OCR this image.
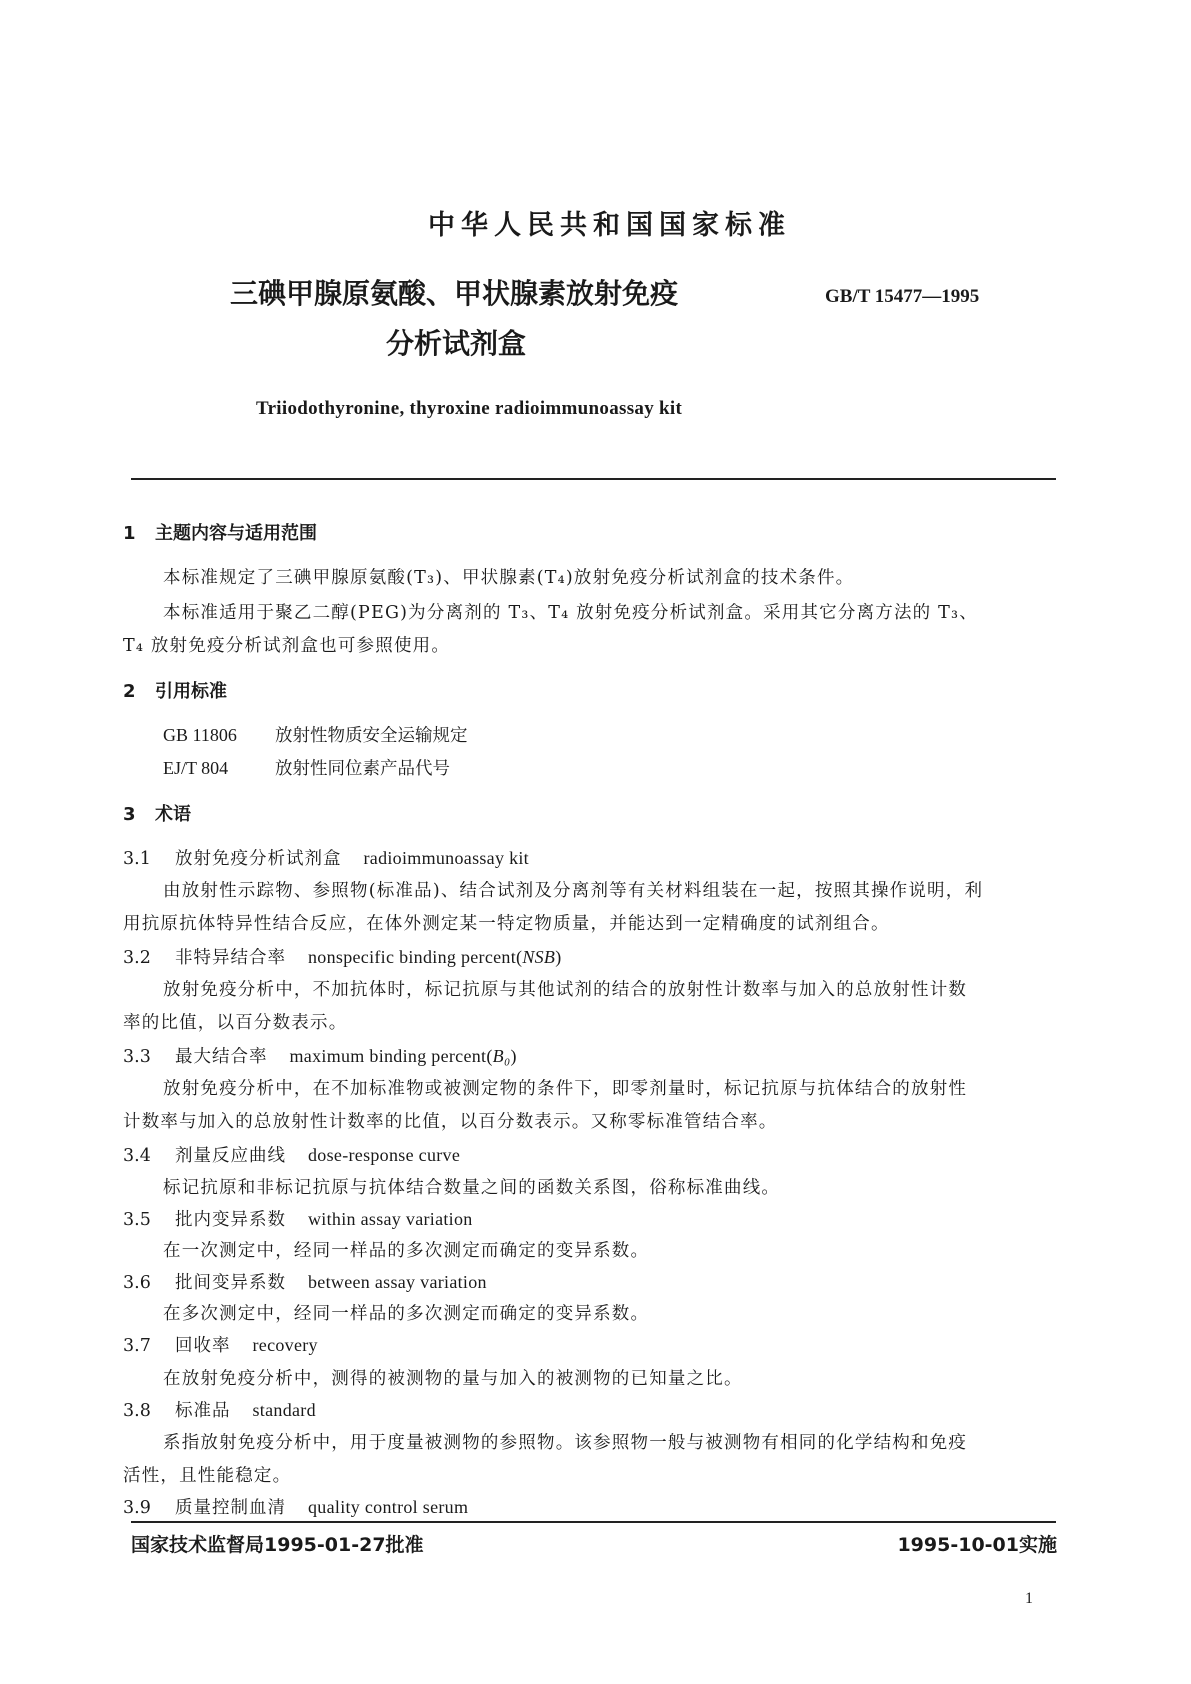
中华人民共和国国家标准
三碘甲腺原氨酸、甲状腺素放射免疫
分析试剂盒
GB/T 15477—1995
Triiodothyronine, thyroxine radioimmunoassay kit
1 主题内容与适用范围
本标准规定了三碘甲腺原氨酸(T₃)、甲状腺素(T₄)放射免疫分析试剂盒的技术条件。
本标准适用于聚乙二醇(PEG)为分离剂的 T₃、T₄ 放射免疫分析试剂盒。采用其它分离方法的 T₃、
T₄ 放射免疫分析试剂盒也可参照使用。
2 引用标准
GB 11806 放射性物质安全运输规定
EJ/T 804	放射性同位素产品代号
3 术语
3.1 放射免疫分析试剂盒 radioimmunoassay kit
由放射性示踪物、参照物(标准品)、结合试剂及分离剂等有关材料组装在一起，按照其操作说明，利
用抗原抗体特异性结合反应，在体外测定某一特定物质量，并能达到一定精确度的试剂组合。
3.2 非特异结合率 nonspecific binding percent(NSB)
放射免疫分析中，不加抗体时，标记抗原与其他试剂的结合的放射性计数率与加入的总放射性计数
率的比值，以百分数表示。
3.3 最大结合率 maximum binding percent(B₀)
放射免疫分析中，在不加标准物或被测定物的条件下，即零剂量时，标记抗原与抗体结合的放射性
计数率与加入的总放射性计数率的比值，以百分数表示。又称零标准管结合率。
3.4 剂量反应曲线 dose-response curve
标记抗原和非标记抗原与抗体结合数量之间的函数关系图，俗称标准曲线。
3.5 批内变异系数 within assay variation
在一次测定中，经同一样品的多次测定而确定的变异系数。
3.6 批间变异系数 between assay variation
在多次测定中，经同一样品的多次测定而确定的变异系数。
3.7 回收率 recovery
在放射免疫分析中，测得的被测物的量与加入的被测物的已知量之比。
3.8 标准品 standard
系指放射免疫分析中，用于度量被测物的参照物。该参照物一般与被测物有相同的化学结构和免疫
活性，且性能稳定。
3.9 质量控制血清 quality control serum
国家技术监督局1995-01-27批准	1995-10-01实施
1
